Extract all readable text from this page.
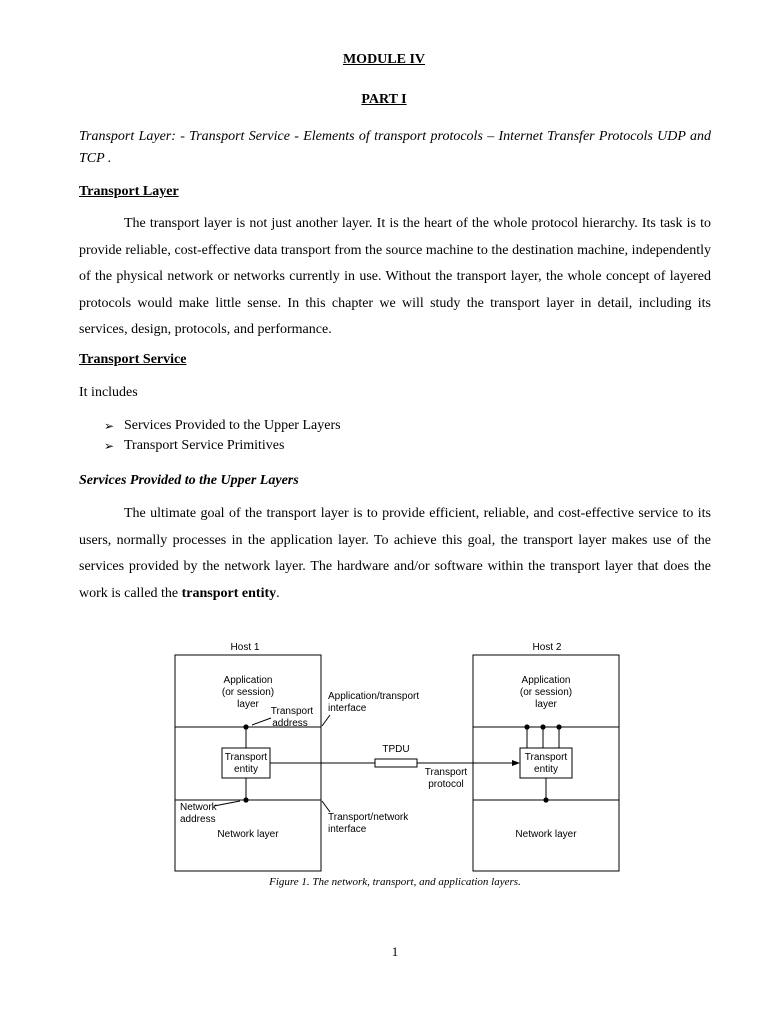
MODULE IV
PART I
Transport Layer: - Transport Service - Elements of transport protocols – Internet Transfer Protocols UDP and TCP .
Transport Layer
The transport layer is not just another layer. It is the heart of the whole protocol hierarchy. Its task is to provide reliable, cost-effective data transport from the source machine to the destination machine, independently of the physical network or networks currently in use. Without the transport layer, the whole concept of layered protocols would make little sense. In this chapter we will study the transport layer in detail, including its services, design, protocols, and performance.
Transport Service
It includes
➢ Services Provided to the Upper Layers
➢ Transport Service Primitives
Services Provided to the Upper Layers
The ultimate goal of the transport layer is to provide efficient, reliable, and cost-effective service to its users, normally processes in the application layer. To achieve this goal, the transport layer makes use of the services provided by the network layer. The hardware and/or software within the transport layer that does the work is called the transport entity.
Host 1
Application
(or session)
layer
Transport
address
Transport
entity
Network
address
Network layer
Application/transport
interface
Transport/network
interface
TPDU
Transport
protocol
Host 2
Application
(or session)
layer
Transport
entity
Network layer
Figure 1. The network, transport, and application layers.
1
